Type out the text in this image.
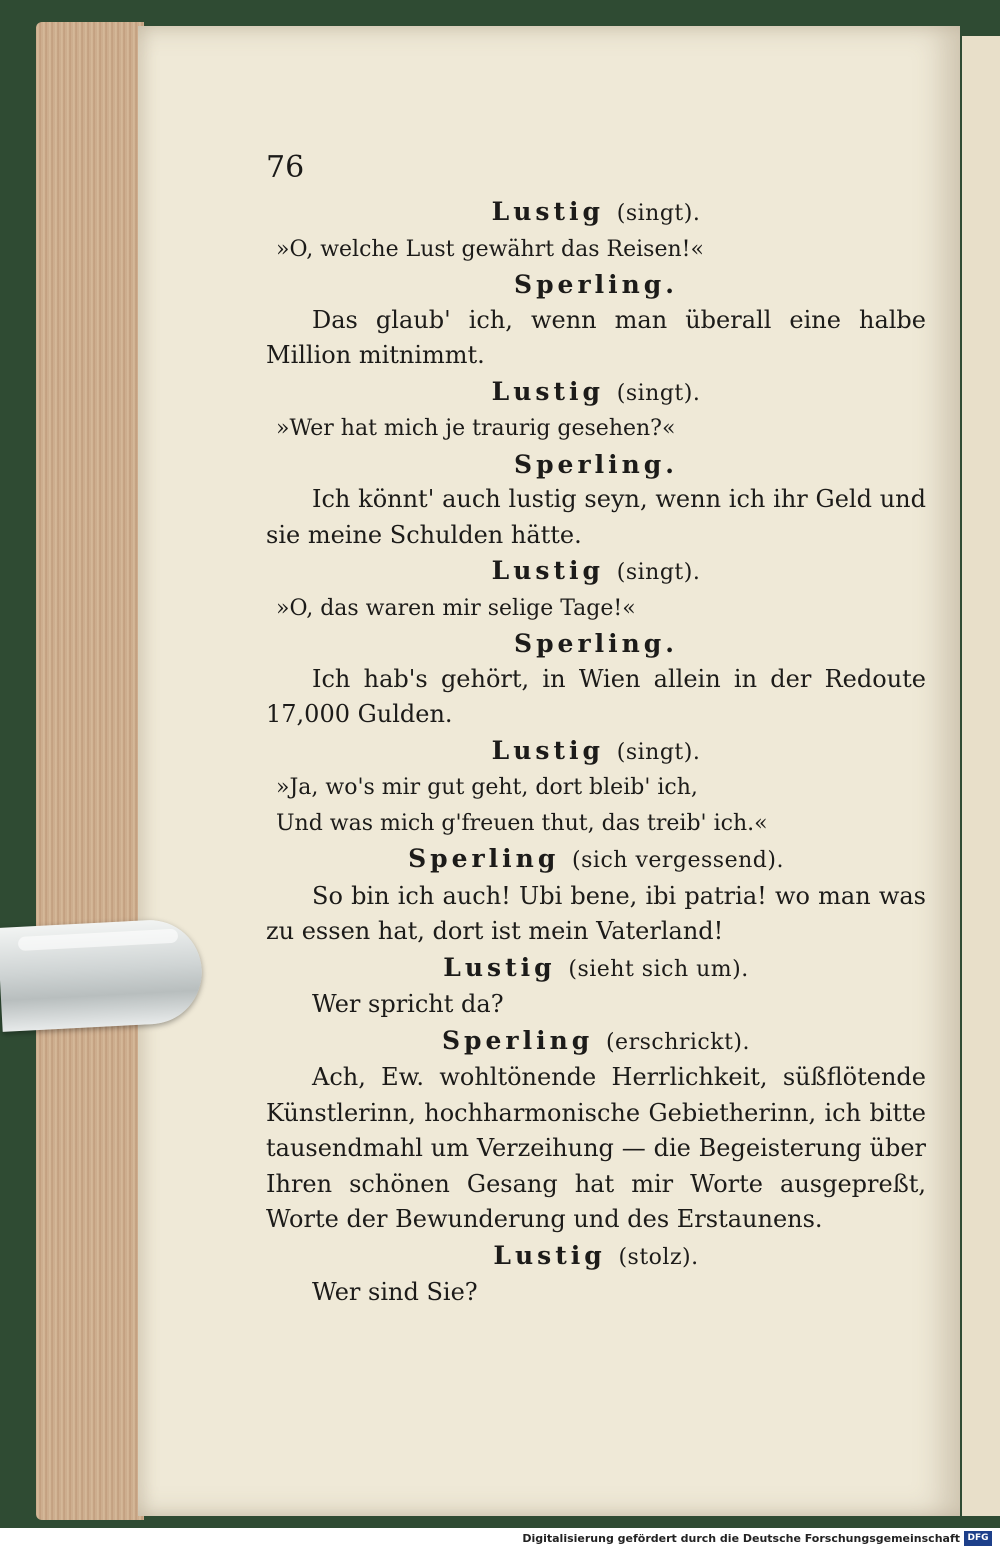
76
Lustig (singt).
»O, welche Lust gewährt das Reisen!«
Sperling.
Das glaub' ich, wenn man überall eine halbe Million mitnimmt.
Lustig (singt).
»Wer hat mich je traurig gesehen?«
Sperling.
Ich könnt' auch lustig seyn, wenn ich ihr Geld und sie meine Schulden hätte.
Lustig (singt).
»O, das waren mir selige Tage!«
Sperling.
Ich hab's gehört, in Wien allein in der Redoute 17,000 Gulden.
Lustig (singt).
»Ja, wo's mir gut geht, dort bleib' ich,
Und was mich g'freuen thut, das treib' ich.«
Sperling (sich vergessend).
So bin ich auch! Ubi bene, ibi patria! wo man was zu essen hat, dort ist mein Vaterland!
Lustig (sieht sich um).
Wer spricht da?
Sperling (erschrickt).
Ach, Ew. wohltönende Herrlichkeit, süßflötende Künstlerinn, hochharmonische Gebietherinn, ich bitte tausendmahl um Verzeihung — die Begeisterung über Ihren schönen Gesang hat mir Worte ausgepreßt, Worte der Bewunderung und des Erstaunens.
Lustig (stolz).
Wer sind Sie?
Digitalisierung gefördert durch die Deutsche Forschungsgemeinschaft DFG
